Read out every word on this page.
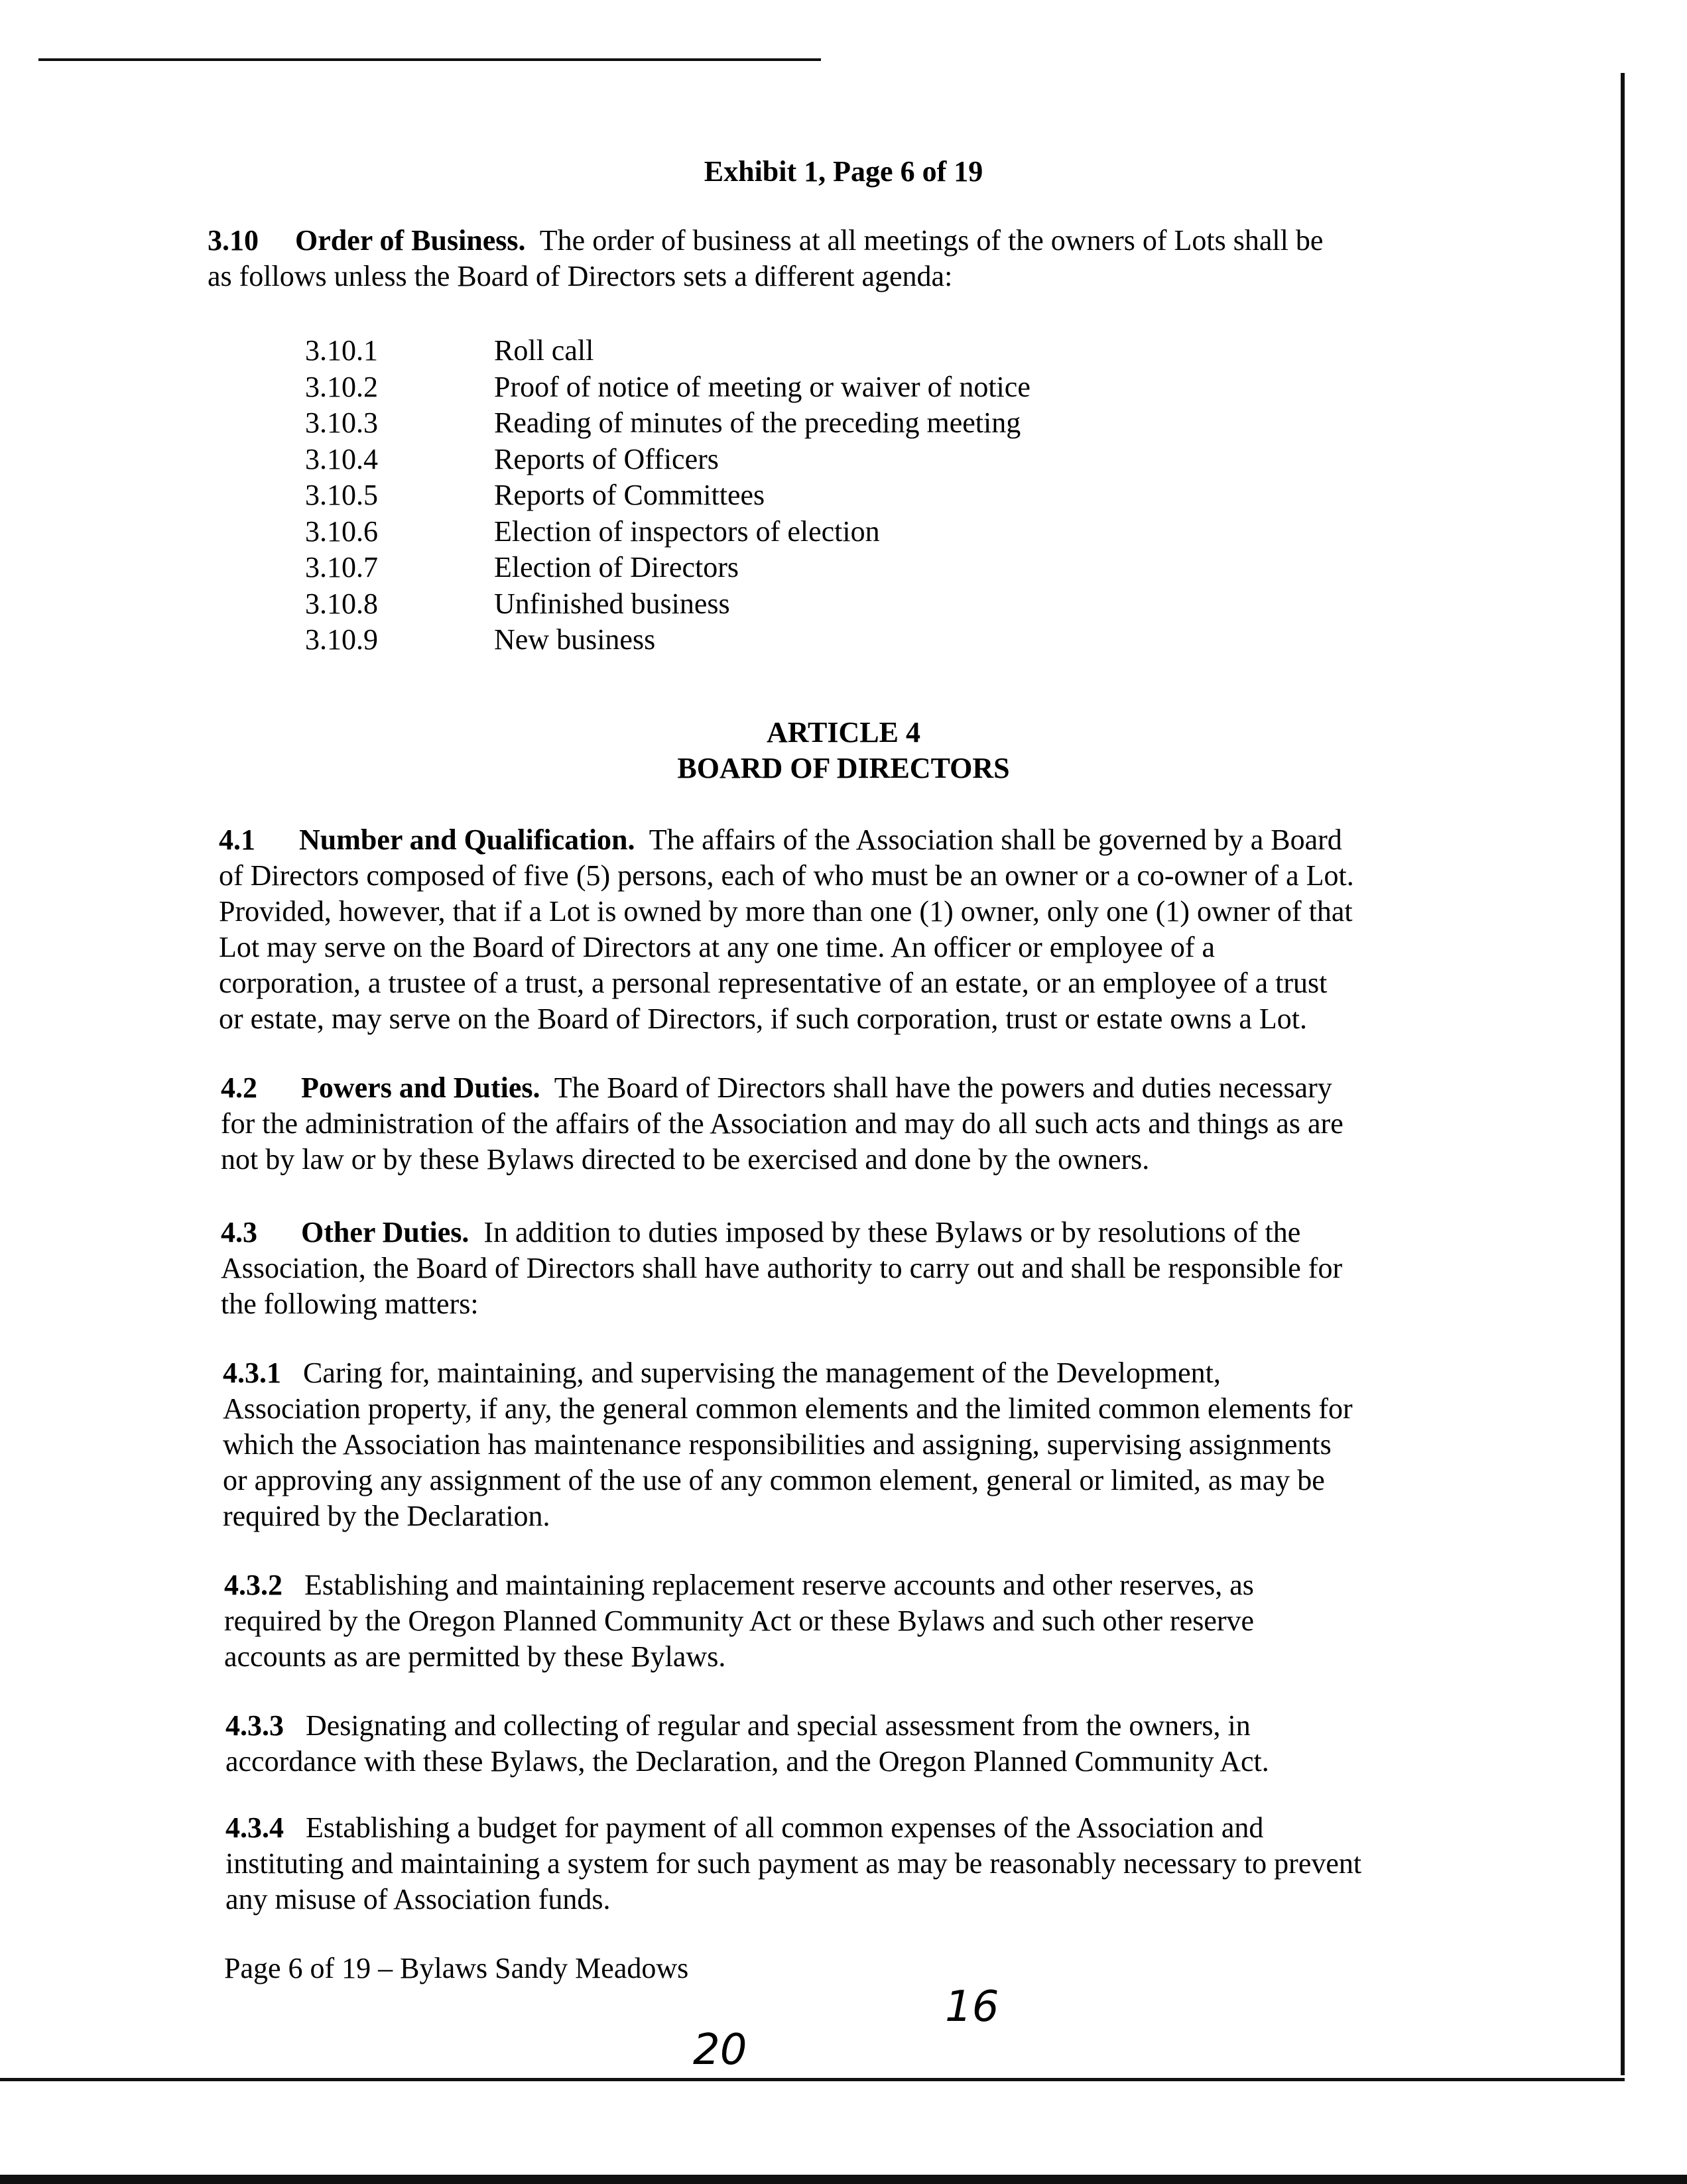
Exhibit 1, Page 6 of 19
3.10 Order of Business. The order of business at all meetings of the owners of Lots shall be
as follows unless the Board of Directors sets a different agenda:
3.10.1	Roll call
3.10.2	Proof of notice of meeting or waiver of notice
3.10.3	Reading of minutes of the preceding meeting
3.10.4	Reports of Officers
3.10.5	Reports of Committees
3.10.6	Election of inspectors of election
3.10.7	Election of Directors
3.10.8	Unfinished business
3.10.9	New business
ARTICLE 4
BOARD OF DIRECTORS
4.1 Number and Qualification. The affairs of the Association shall be governed by a Board
of Directors composed of five (5) persons, each of who must be an owner or a co-owner of a Lot.
Provided, however, that if a Lot is owned by more than one (1) owner, only one (1) owner of that
Lot may serve on the Board of Directors at any one time. An officer or employee of a
corporation, a trustee of a trust, a personal representative of an estate, or an employee of a trust
or estate, may serve on the Board of Directors, if such corporation, trust or estate owns a Lot.
4.2 Powers and Duties. The Board of Directors shall have the powers and duties necessary
for the administration of the affairs of the Association and may do all such acts and things as are
not by law or by these Bylaws directed to be exercised and done by the owners.
4.3 Other Duties. In addition to duties imposed by these Bylaws or by resolutions of the
Association, the Board of Directors shall have authority to carry out and shall be responsible for
the following matters:
4.3.1 Caring for, maintaining, and supervising the management of the Development,
Association property, if any, the general common elements and the limited common elements for
which the Association has maintenance responsibilities and assigning, supervising assignments
or approving any assignment of the use of any common element, general or limited, as may be
required by the Declaration.
4.3.2 Establishing and maintaining replacement reserve accounts and other reserves, as
required by the Oregon Planned Community Act or these Bylaws and such other reserve
accounts as are permitted by these Bylaws.
4.3.3 Designating and collecting of regular and special assessment from the owners, in
accordance with these Bylaws, the Declaration, and the Oregon Planned Community Act.
4.3.4 Establishing a budget for payment of all common expenses of the Association and
instituting and maintaining a system for such payment as may be reasonably necessary to prevent
any misuse of Association funds.
Page 6 of 19 – Bylaws Sandy Meadows
16
20
